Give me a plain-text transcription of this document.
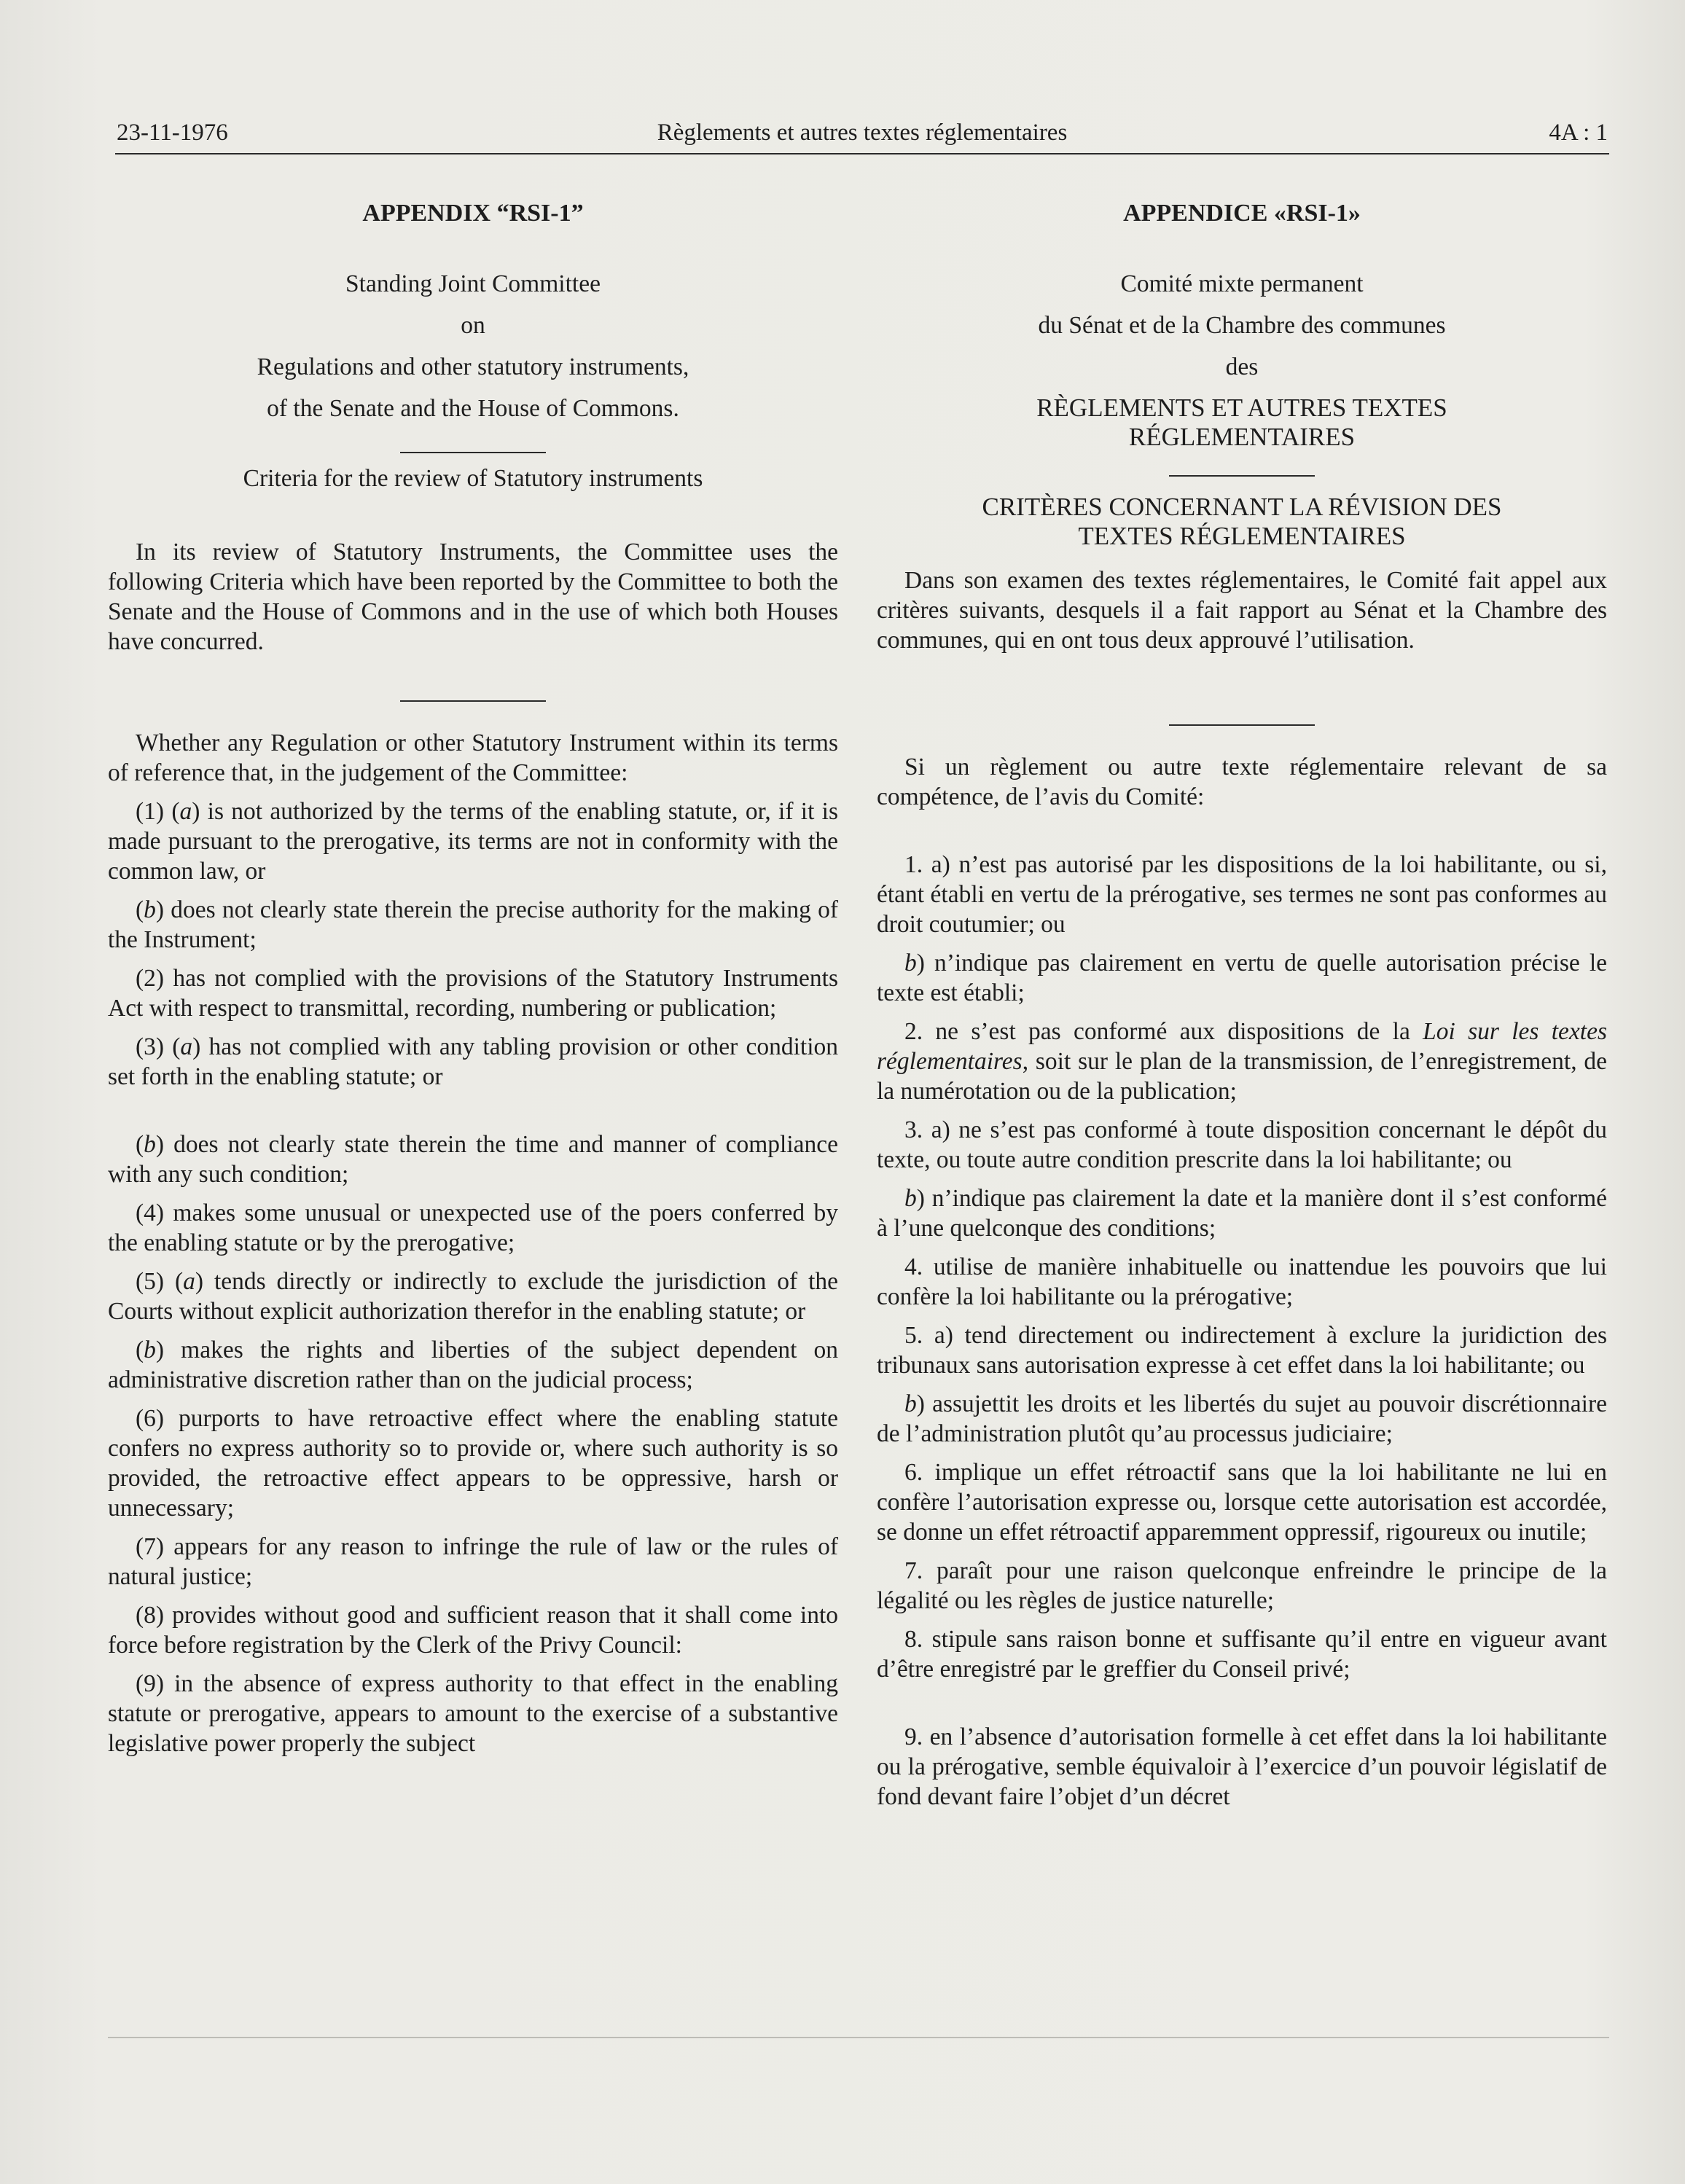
23-11-1976	Règlements et autres textes réglementaires	4A : 1

APPENDIX “RSI-1”

Standing Joint Committee

on

Regulations and other statutory instruments,

of the Senate and the House of Commons.

Criteria for the review of Statutory instruments

In its review of Statutory Instruments, the Committee uses the following Criteria which have been reported by the Committee to both the Senate and the House of Commons and in the use of which both Houses have concurred.

Whether any Regulation or other Statutory Instrument within its terms of reference that, in the judgement of the Committee:

(1) (a) is not authorized by the terms of the enabling statute, or, if it is made pursuant to the prerogative, its terms are not in conformity with the common law, or

(b) does not clearly state therein the precise authority for the making of the Instrument;

(2) has not complied with the provisions of the Statutory Instruments Act with respect to transmittal, recording, numbering or publication;

(3) (a) has not complied with any tabling provision or other condition set forth in the enabling statute; or

(b) does not clearly state therein the time and manner of compliance with any such condition;

(4) makes some unusual or unexpected use of the poers conferred by the enabling statute or by the prerogative;

(5) (a) tends directly or indirectly to exclude the jurisdiction of the Courts without explicit authorization therefor in the enabling statute; or

(b) makes the rights and liberties of the subject dependent on administrative discretion rather than on the judicial process;

(6) purports to have retroactive effect where the enabling statute confers no express authority so to provide or, where such authority is so provided, the retroactive effect appears to be oppressive, harsh or unnecessary;

(7) appears for any reason to infringe the rule of law or the rules of natural justice;

(8) provides without good and sufficient reason that it shall come into force before registration by the Clerk of the Privy Council:

(9) in the absence of express authority to that effect in the enabling statute or prerogative, appears to amount to the exercise of a substantive legislative power properly the subject

APPENDICE «RSI-1»

Comité mixte permanent

du Sénat et de la Chambre des communes

des

RÈGLEMENTS ET AUTRES TEXTES

RÉGLEMENTAIRES

CRITÈRES CONCERNANT LA RÉVISION DES

TEXTES RÉGLEMENTAIRES

Dans son examen des textes réglementaires, le Comité fait appel aux critères suivants, desquels il a fait rapport au Sénat et la Chambre des communes, qui en ont tous deux approuvé l’utilisation.

Si un règlement ou autre texte réglementaire relevant de sa compétence, de l’avis du Comité:

1. a) n’est pas autorisé par les dispositions de la loi habilitante, ou si, étant établi en vertu de la prérogative, ses termes ne sont pas conformes au droit coutumier; ou

b) n’indique pas clairement en vertu de quelle autorisation précise le texte est établi;

2. ne s’est pas conformé aux dispositions de la Loi sur les textes réglementaires, soit sur le plan de la transmission, de l’enregistrement, de la numérotation ou de la publication;

3. a) ne s’est pas conformé à toute disposition concernant le dépôt du texte, ou toute autre condition prescrite dans la loi habilitante; ou

b) n’indique pas clairement la date et la manière dont il s’est conformé à l’une quelconque des conditions;

4. utilise de manière inhabituelle ou inattendue les pouvoirs que lui confère la loi habilitante ou la prérogative;

5. a) tend directement ou indirectement à exclure la juridiction des tribunaux sans autorisation expresse à cet effet dans la loi habilitante; ou

b) assujettit les droits et les libertés du sujet au pouvoir discrétionnaire de l’administration plutôt qu’au processus judiciaire;

6. implique un effet rétroactif sans que la loi habilitante ne lui en confère l’autorisation expresse ou, lorsque cette autorisation est accordée, se donne un effet rétroactif apparemment oppressif, rigoureux ou inutile;

7. paraît pour une raison quelconque enfreindre le principe de la légalité ou les règles de justice naturelle;

8. stipule sans raison bonne et suffisante qu’il entre en vigueur avant d’être enregistré par le greffier du Conseil privé;

9. en l’absence d’autorisation formelle à cet effet dans la loi habilitante ou la prérogative, semble équivaloir à l’exercice d’un pouvoir législatif de fond devant faire l’objet d’un décret
